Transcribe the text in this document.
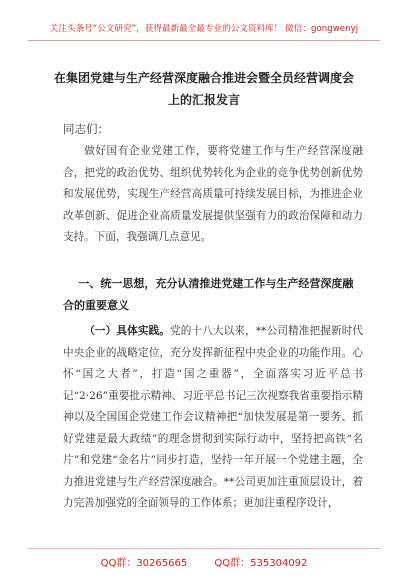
关注头条号“公文研究”，获得最新最全最专业的公文资料库！ 微信：gongwenyj
在集团党建与生产经营深度融合推进会暨全员经营调度会
上的汇报发言
同志们：

做好国有企业党建工作，要将党建工作与生产经营深度融合，把党的政治优势、组织优势转化为企业的竞争优势创新优势和发展优势，实现生产经营高质量可持续发展目标，为推进企业改革创新、促进企业高质量发展提供坚强有力的政治保障和动力支持。下面，我强调几点意见。

一、统一思想，充分认清推进党建工作与生产经营深度融合的重要意义

（一）具体实践。党的十八大以来，**公司精准把握新时代中央企业的战略定位，充分发挥新征程中央企业的功能作用。心怀“国之大者”，打造“国之重器”，全面落实习近平总书记“2·26”重要批示精神、习近平总书记三次视察我省重要指示精神以及全国国企党建工作会议精神把“加快发展是第一要务、抓好党建是最大政绩”的理念贯彻到实际行动中，坚持把高铁“名片”和党建“金名片”同步打造，坚持一年开展一个党建主题，全力推进党建与生产经营深度融合。**公司更加注重顶层设计，着力完善加强党的全面领导的工作体系；更加注重程序设计，

QQ群：30265665	QQ群：535304092
